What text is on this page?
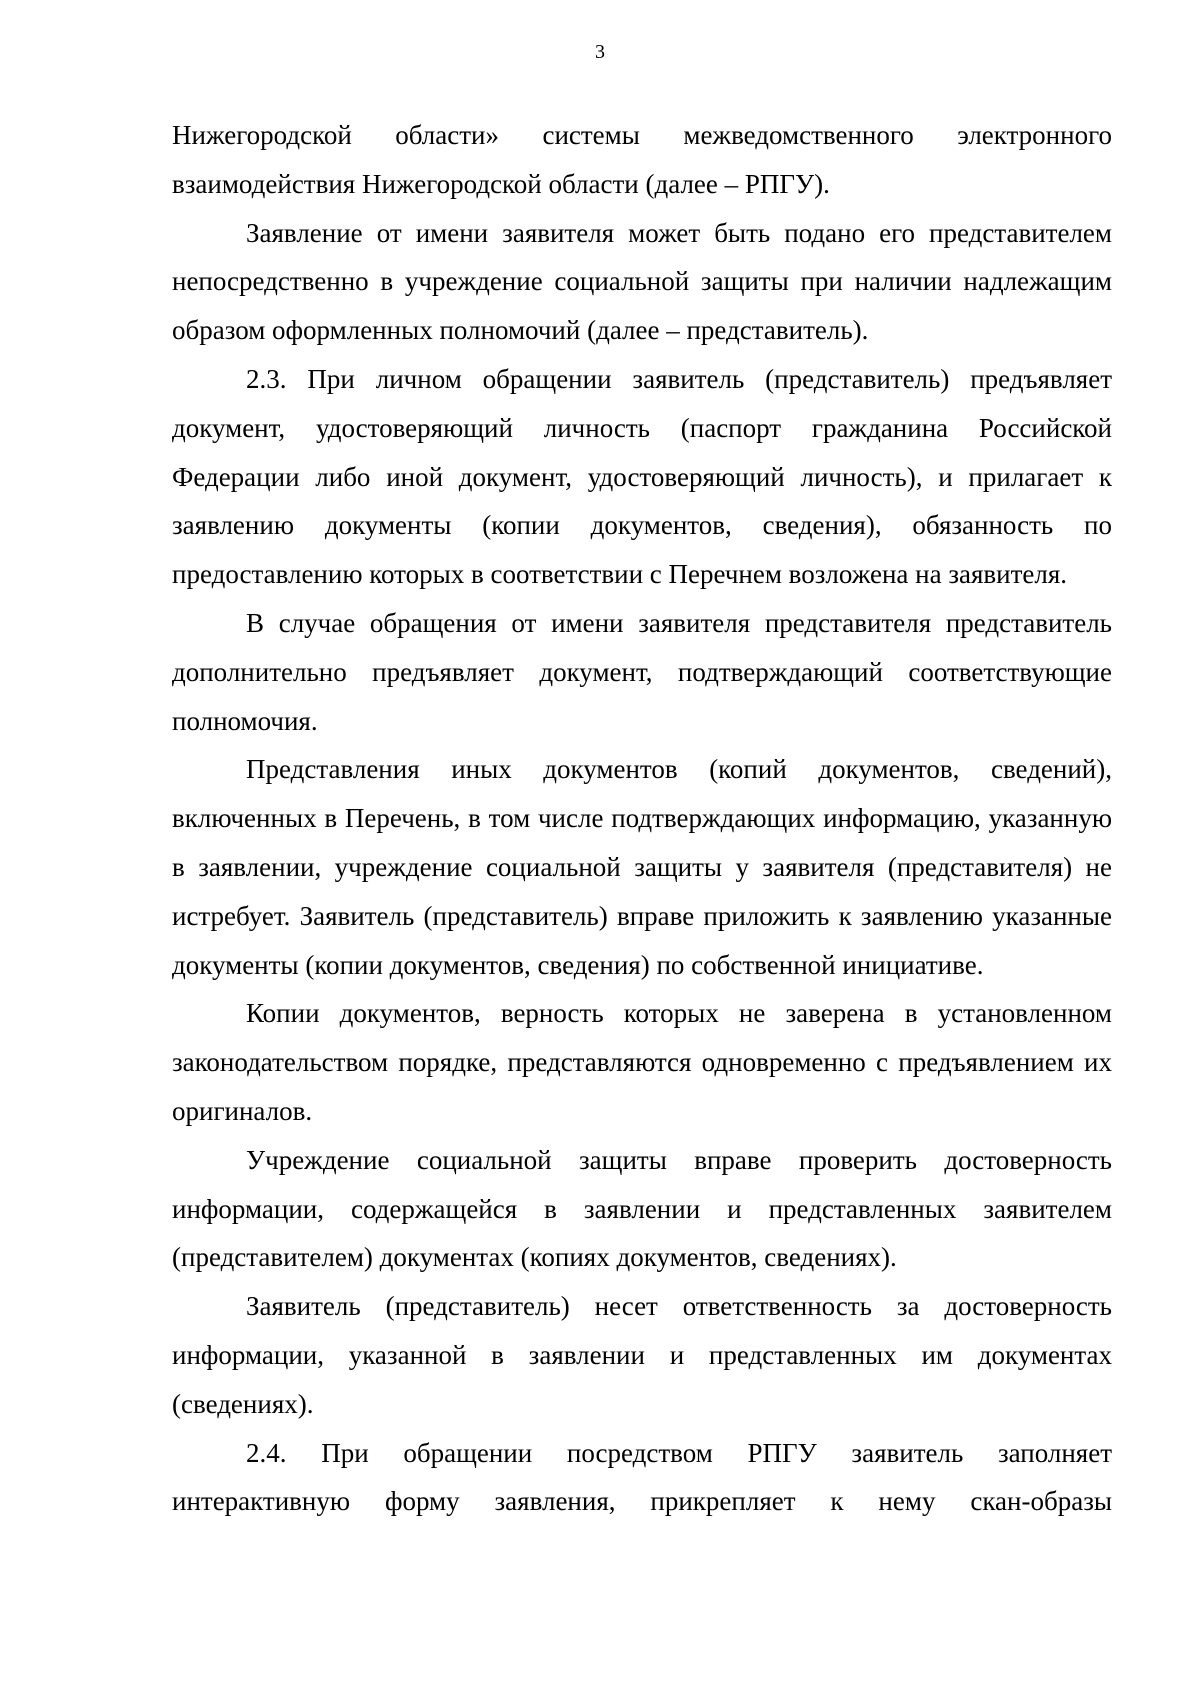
3

Нижегородской области» системы межведомственного электронного взаимодействия Нижегородской области (далее – РПГУ).

Заявление от имени заявителя может быть подано его представителем непосредственно в учреждение социальной защиты при наличии надлежащим образом оформленных полномочий (далее – представитель).

2.3. При личном обращении заявитель (представитель) предъявляет документ, удостоверяющий личность (паспорт гражданина Российской Федерации либо иной документ, удостоверяющий личность), и прилагает к заявлению документы (копии документов, сведения), обязанность по предоставлению которых в соответствии с Перечнем возложена на заявителя.

В случае обращения от имени заявителя представителя представитель дополнительно предъявляет документ, подтверждающий соответствующие полномочия.

Представления иных документов (копий документов, сведений), включенных в Перечень, в том числе подтверждающих информацию, указанную в заявлении, учреждение социальной защиты у заявителя (представителя) не истребует. Заявитель (представитель) вправе приложить к заявлению указанные документы (копии документов, сведения) по собственной инициативе.

Копии документов, верность которых не заверена в установленном законодательством порядке, представляются одновременно с предъявлением их оригиналов.

Учреждение социальной защиты вправе проверить достоверность информации, содержащейся в заявлении и представленных заявителем (представителем) документах (копиях документов, сведениях).

Заявитель (представитель) несет ответственность за достоверность информации, указанной в заявлении и представленных им документах (сведениях).

2.4. При обращении посредством РПГУ заявитель заполняет интерактивную форму заявления, прикрепляет к нему скан-образы
